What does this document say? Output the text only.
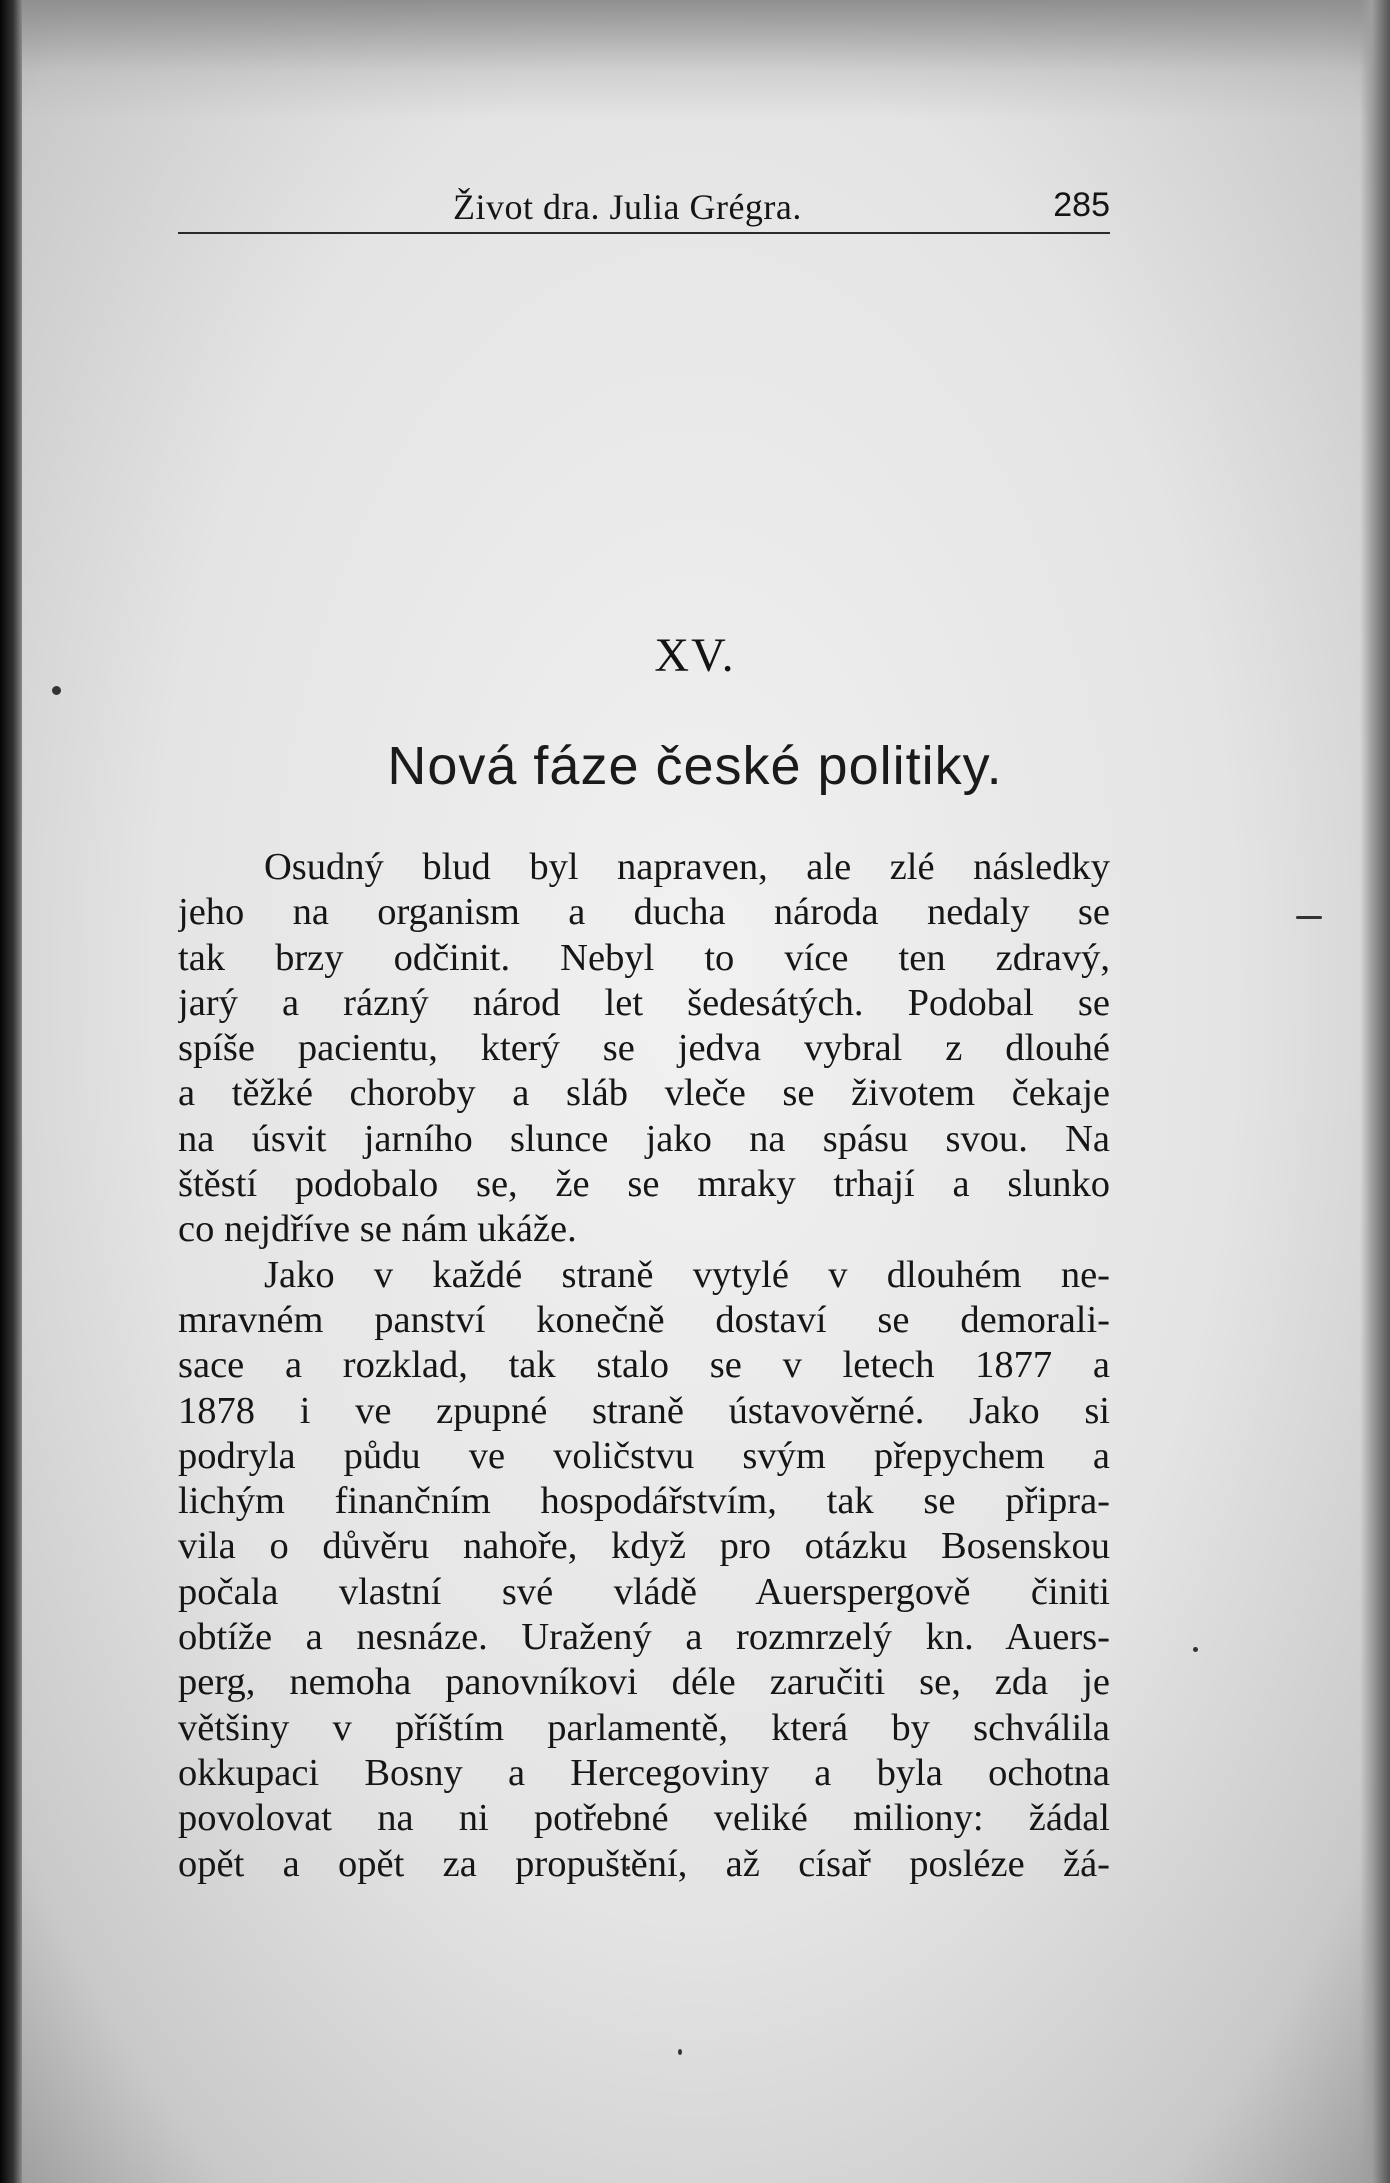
Život dra. Julia Grégra.	285
XV.
Nová fáze české politiky.
Osudný blud byl napraven, ale zlé následky
jeho na organism a ducha národa nedaly se
tak brzy odčinit. Nebyl to více ten zdravý,
jarý a rázný národ let šedesátých. Podobal se
spíše pacientu, který se jedva vybral z dlouhé
a těžké choroby a sláb vleče se životem čekaje
na úsvit jarního slunce jako na spásu svou. Na
štěstí podobalo se, že se mraky trhají a slunko
co nejdříve se nám ukáže.
Jako v každé straně vytylé v dlouhém ne-
mravném panství konečně dostaví se demorali-
sace a rozklad, tak stalo se v letech 1877 a
1878 i ve zpupné straně ústavověrné. Jako si
podryla půdu ve voličstvu svým přepychem a
lichým finančním hospodářstvím, tak se připra-
vila o důvěru nahoře, když pro otázku Bosenskou
počala vlastní své vládě Auerspergově činiti
obtíže a nesnáze. Uražený a rozmrzelý kn. Auers-
perg, nemoha panovníkovi déle zaručiti se, zda je
většiny v příštím parlamentě, která by schválila
okkupaci Bosny a Hercegoviny a byla ochotna
povolovat na ni potřebné veliké miliony: žádal
opět a opět za propuštění, až císař posléze žá-
